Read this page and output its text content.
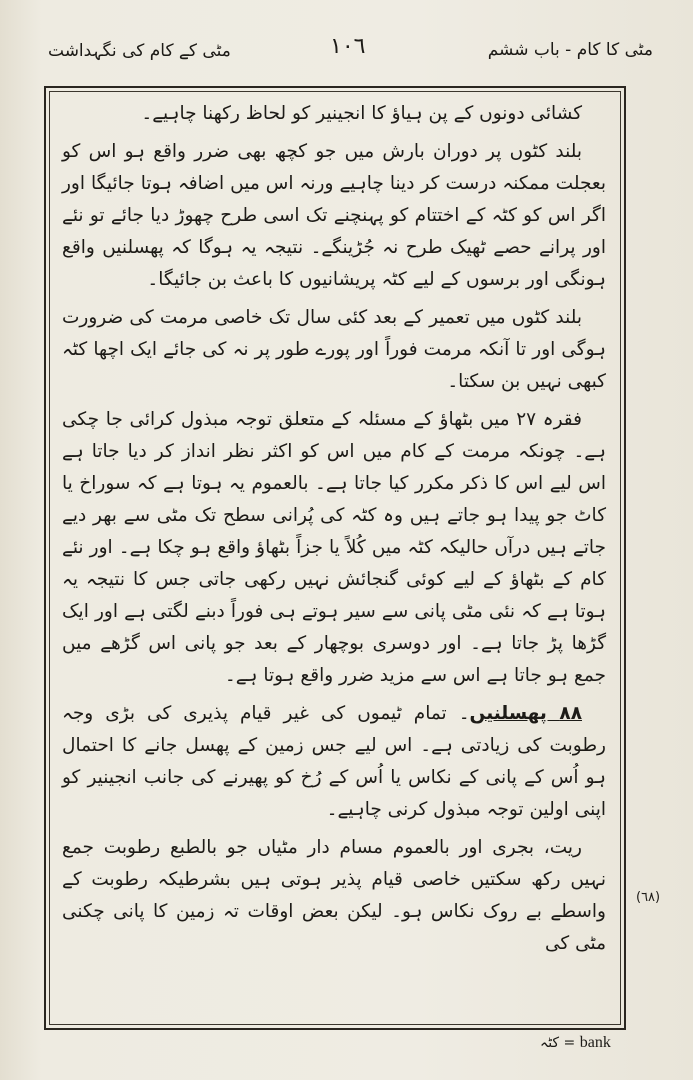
مٹی کے کام کی نگہداشت	١٠٦	مٹی کا کام - باب ششم

کشائی دونوں کے پن ہیاؤ کا انجینیر کو لحاظ رکھنا چاہیے۔

بلند کٹوں پر دوران بارش میں جو کچھ بھی ضرر واقع ہو اس کو بعجلت ممکنہ درست کر دینا چاہیے ورنہ اس میں اضافہ ہوتا جائیگا اور اگر اس کو کٹہ کے اختتام کو پہنچنے تک اسی طرح چھوڑ دیا جائے تو نئے اور پرانے حصے ٹھیک طرح نہ جُڑینگے۔ نتیجہ یہ ہوگا کہ پھسلنیں واقع ہونگی اور برسوں کے لیے کٹہ پریشانیوں کا باعث بن جائیگا۔

بلند کٹوں میں تعمیر کے بعد کئی سال تک خاصی مرمت کی ضرورت ہوگی اور تا آنکہ مرمت فوراً اور پورے طور پر نہ کی جائے ایک اچھا کٹہ کبھی نہیں بن سکتا۔

فقرہ ٢٧ میں بٹھاؤ کے مسئلہ کے متعلق توجہ مبذول کرائی جا چکی ہے۔ چونکہ مرمت کے کام میں اس کو اکثر نظر انداز کر دیا جاتا ہے اس لیے اس کا ذکر مکرر کیا جاتا ہے۔ بالعموم یہ ہوتا ہے کہ سوراخ یا کاٹ جو پیدا ہو جاتے ہیں وہ کٹہ کی پُرانی سطح تک مٹی سے بھر دیے جاتے ہیں درآں حالیکہ کٹہ میں کُلاً یا جزاً بٹھاؤ واقع ہو چکا ہے۔ اور نئے کام کے بٹھاؤ کے لیے کوئی گنجائش نہیں رکھی جاتی جس کا نتیجہ یہ ہوتا ہے کہ نئی مٹی پانی سے سیر ہوتے ہی فوراً دبنے لگتی ہے اور ایک گڑھا پڑ جاتا ہے۔ اور دوسری بوچھار کے بعد جو پانی اس گڑھے میں جمع ہو جاتا ہے اس سے مزید ضرر واقع ہوتا ہے۔

٨٨ پھسلنیں۔ تمام ٹیموں کی غیر قیام پذیری کی بڑی وجہ رطوبت کی زیادتی ہے۔ اس لیے جس زمین کے پھسل جانے کا احتمال ہو اُس کے پانی کے نکاس یا اُس کے رُخ کو پھیرنے کی جانب انجینیر کو اپنی اولین توجہ مبذول کرنی چاہیے۔

ریت، بجری اور بالعموم مسام دار مٹیاں جو بالطبع رطوبت جمع نہیں رکھ سکتیں خاصی قیام پذیر ہوتی ہیں بشرطیکہ رطوبت کے واسطے بے روک نکاس ہو۔ لیکن بعض اوقات تہ زمین کا پانی چکنی مٹی کی

(٦٨)
کٹہ = bank
